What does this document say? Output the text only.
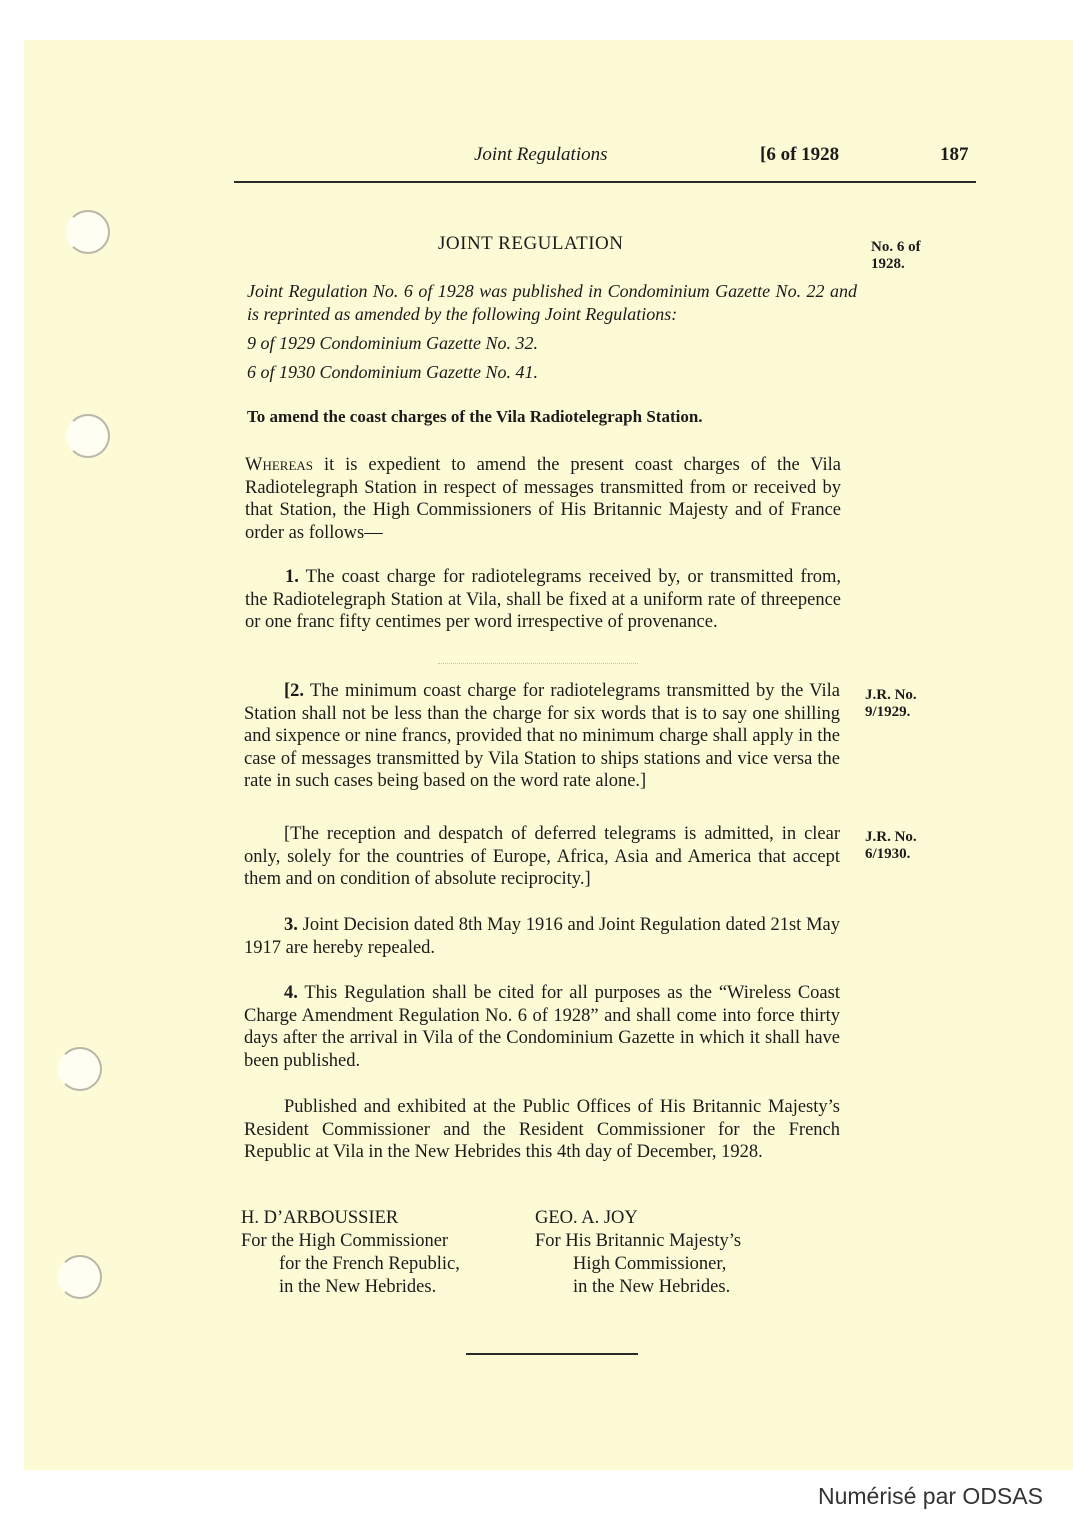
Joint Regulations	[6 of 1928	187
JOINT REGULATION	No. 6 of
1928.
Joint Regulation No. 6 of 1928 was published in Condominium Gazette No. 22 and is reprinted as amended by the following Joint Regulations:
9 of 1929 Condominium Gazette No. 32.
6 of 1930 Condominium Gazette No. 41.
To amend the coast charges of the Vila Radiotelegraph Station.
Whereas it is expedient to amend the present coast charges of the Vila Radiotelegraph Station in respect of messages transmitted from or received by that Station, the High Commissioners of His Britannic Majesty and of France order as follows—
1. The coast charge for radiotelegrams received by, or transmitted from, the Radiotelegraph Station at Vila, shall be fixed at a uniform rate of threepence or one franc fifty centimes per word irrespective of provenance.
[2. The minimum coast charge for radiotelegrams transmitted by the Vila Station shall not be less than the charge for six words that is to say one shilling and sixpence or nine francs, provided that no minimum charge shall apply in the case of messages transmitted by Vila Station to ships stations and vice versa the rate in such cases being based on the word rate alone.]
J.R. No.
9/1929.
[The reception and despatch of deferred telegrams is admitted, in clear only, solely for the countries of Europe, Africa, Asia and America that accept them and on condition of absolute reciprocity.]
J.R. No.
6/1930.
3. Joint Decision dated 8th May 1916 and Joint Regulation dated 21st May 1917 are hereby repealed.
4. This Regulation shall be cited for all purposes as the “Wireless Coast Charge Amendment Regulation No. 6 of 1928” and shall come into force thirty days after the arrival in Vila of the Condominium Gazette in which it shall have been published.
Published and exhibited at the Public Offices of His Britannic Majesty’s Resident Commissioner and the Resident Commissioner for the French Republic at Vila in the New Hebrides this 4th day of December, 1928.
H. D’ARBOUSSIER
For the High Commissioner
for the French Republic,
in the New Hebrides.
GEO. A. JOY
For His Britannic Majesty’s
High Commissioner,
in the New Hebrides.
Numérisé par ODSAS
